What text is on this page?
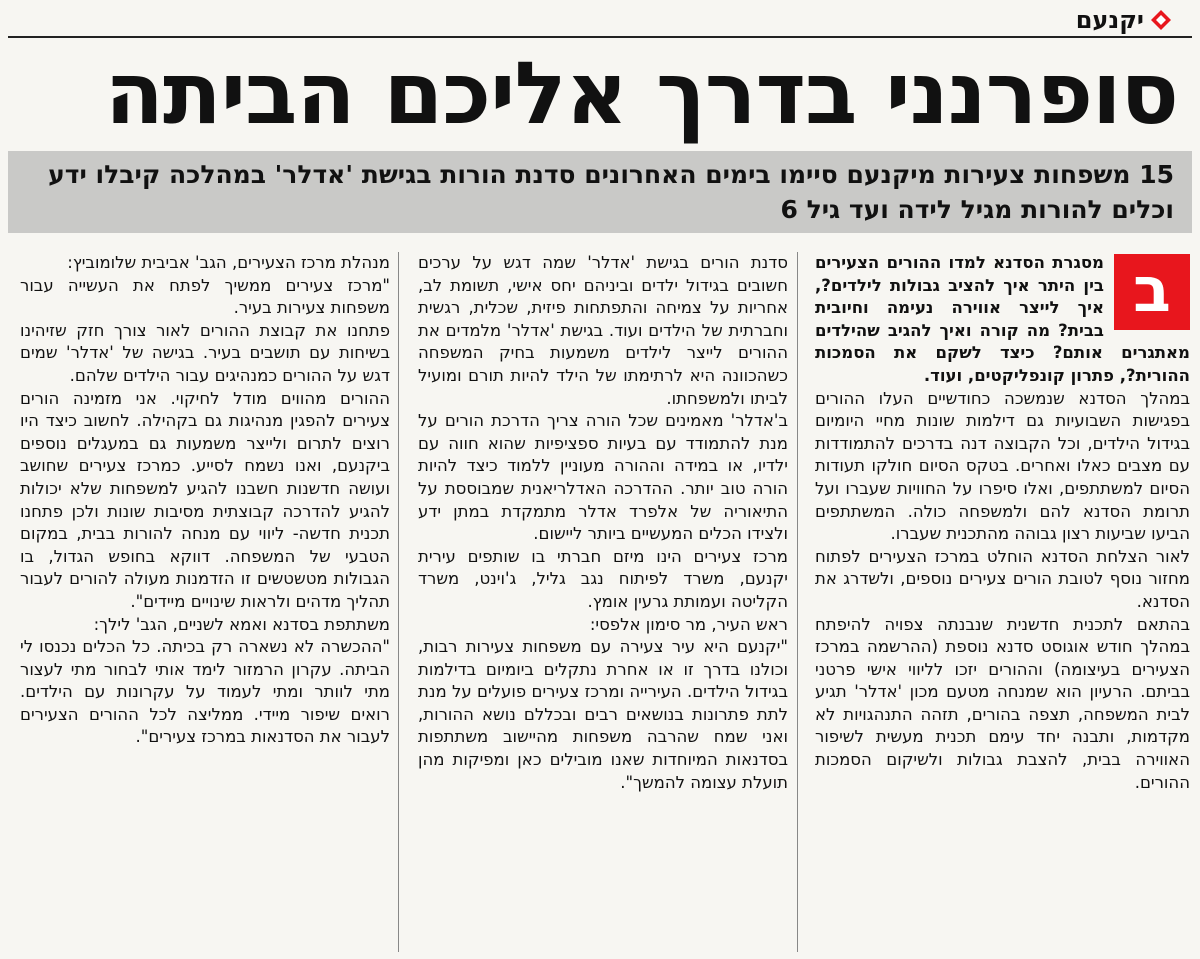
יקנעם
סופרנני בדרך אליכם הביתה
15 משפחות צעירות מיקנעם סיימו בימים האחרונים סדנת הורות בגישת 'אדלר' במהלכה קיבלו ידע וכלים להורות מגיל לידה ועד גיל 6
ב

מסגרת הסדנא למדו ההורים הצעירים בין היתר איך להציב גבולות לילדים?, איך לייצר אווירה נעימה וחיובית בבית? מה קורה ואיך להגיב שהילדים מאתגרים אותם? כיצד לשקם את הסמכות ההורית?, פתרון קונפליקטים, ועוד.

במהלך הסדנא שנמשכה כחודשיים העלו ההורים בפגישות השבועיות גם דילמות שונות מחיי היומיום בגידול הילדים, וכל הקבוצה דנה בדרכים להתמודדות עם מצבים כאלו ואחרים. בטקס הסיום חולקו תעודות הסיום למשתתפים, ואלו סיפרו על החוויות שעברו ועל תרומת הסדנא להם ולמשפחה כולה. המשתתפים הביעו שביעות רצון גבוהה מהתכנית שעברו.

לאור הצלחת הסדנא הוחלט במרכז הצעירים לפתוח מחזור נוסף לטובת הורים צעירים נוספים, ולשדרג את הסדנא.

בהתאם לתכנית חדשנית שנבנתה צפויה להיפתח במהלך חודש אוגוסט סדנא נוספת (ההרשמה במרכז הצעירים בעיצומה) וההורים יזכו לליווי אישי פרטני בביתם. הרעיון הוא שמנחה מטעם מכון 'אדלר' תגיע לבית המשפחה, תצפה בהורים, תזהה התנהגויות לא מקדמות, ותבנה יחד עימם תכנית מעשית לשיפור האווירה בבית, להצבת גבולות ולשיקום הסמכות ההורים.

סדנת הורים בגישת 'אדלר' שמה דגש על ערכים חשובים בגידול ילדים וביניהם יחס אישי, תשומת לב, אחריות על צמיחה והתפתחות פיזית, שכלית, רגשית וחברתית של הילדים ועוד. בגישת 'אדלר' מלמדים את ההורים לייצר לילדים משמעות בחיק המשפחה כשהכוונה היא לרתימתו של הילד להיות תורם ומועיל לביתו ולמשפחתו.

ב'אדלר' מאמינים שכל הורה צריך הדרכת הורים על מנת להתמודד עם בעיות ספציפיות שהוא חווה עם ילדיו, או במידה וההורה מעוניין ללמוד כיצד להיות הורה טוב יותר. ההדרכה האדלריאנית שמבוססת על התיאוריה של אלפרד אדלר מתמקדת במתן ידע ולצידו הכלים המעשיים ביותר ליישום.

מרכז צעירים הינו מיזם חברתי בו שותפים עירית יקנעם, משרד לפיתוח נגב גליל, ג'וינט, משרד הקליטה ועמותת גרעין אומץ.

ראש העיר, מר סימון אלפסי:

"יקנעם היא עיר צעירה עם משפחות צעירות רבות, וכולנו בדרך זו או אחרת נתקלים ביומיום בדילמות בגידול הילדים. העירייה ומרכז צעירים פועלים על מנת לתת פתרונות בנושאים רבים ובכללם נושא ההורות, ואני שמח שהרבה משפחות מהיישוב משתתפות בסדנאות המיוחדות שאנו מובילים כאן ומפיקות מהן תועלת עצומה להמשך".

מנהלת מרכז הצעירים, הגב' אביבית שלומוביץ:

"מרכז צעירים ממשיך לפתח את העשייה עבור משפחות צעירות בעיר.

פתחנו את קבוצת ההורים לאור צורך חזק שזיהינו בשיחות עם תושבים בעיר. בגישה של 'אדלר' שמים דגש על ההורים כמנהיגים עבור הילדים שלהם.

ההורים מהווים מודל לחיקוי. אני מזמינה הורים צעירים להפגין מנהיגות גם בקהילה. לחשוב כיצד היו רוצים לתרום ולייצר משמעות גם במעגלים נוספים ביקנעם, ואנו נשמח לסייע. כמרכז צעירים שחושב ועושה חדשנות חשבנו להגיע למשפחות שלא יכולות להגיע להדרכה קבוצתית מסיבות שונות ולכן פתחנו תכנית חדשה- ליווי עם מנחה להורות בבית, במקום הטבעי של המשפחה. דווקא בחופש הגדול, בו הגבולות מטשטשים זו הזדמנות מעולה להורים לעבור תהליך מדהים ולראות שינויים מיידים".

משתתפת בסדנא ואמא לשניים, הגב' לילך:

"ההכשרה לא נשארה רק בכיתה. כל הכלים נכנסו לי הביתה. עקרון הרמזור לימד אותי לבחור מתי לעצור מתי לוותר ומתי לעמוד על עקרונות עם הילדים. רואים שיפור מיידי. ממליצה לכל ההורים הצעירים לעבור את הסדנאות במרכז צעירים".
